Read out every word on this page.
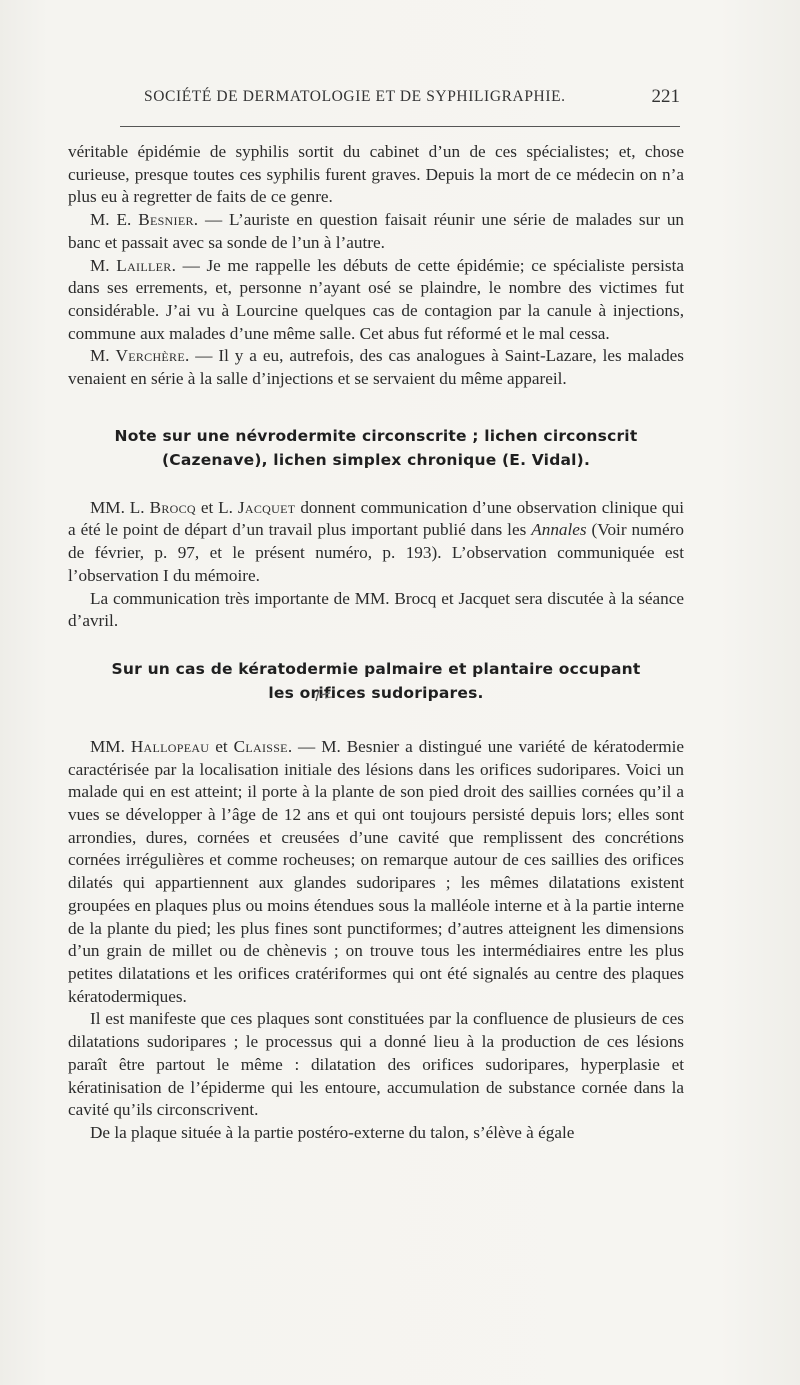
SOCIÉTÉ DE DERMATOLOGIE ET DE SYPHILIGRAPHIE.	221

véritable épidémie de syphilis sortit du cabinet d’un de ces spécialistes; et, chose curieuse, presque toutes ces syphilis furent graves. Depuis la mort de ce médecin on n’a plus eu à regretter de faits de ce genre.

M. E. Besnier. — L’auriste en question faisait réunir une série de malades sur un banc et passait avec sa sonde de l’un à l’autre.

M. Lailler. — Je me rappelle les débuts de cette épidémie; ce spécialiste persista dans ses errements, et, personne n’ayant osé se plaindre, le nombre des victimes fut considérable. J’ai vu à Lourcine quelques cas de contagion par la canule à injections, commune aux malades d’une même salle. Cet abus fut réformé et le mal cessa.

M. Verchère. — Il y a eu, autrefois, des cas analogues à Saint-Lazare, les malades venaient en série à la salle d’injections et se servaient du même appareil.

Note sur une névrodermite circonscrite ; lichen circonscrit
(Cazenave), lichen simplex chronique (E. Vidal).

MM. L. Brocq et L. Jacquet donnent communication d’une observation clinique qui a été le point de départ d’un travail plus important publié dans les Annales (Voir numéro de février, p. 97, et le présent numéro, p. 193). L’observation communiquée est l’observation I du mémoire.

La communication très importante de MM. Brocq et Jacquet sera discutée à la séance d’avril.

Sur un cas de kératodermie palmaire et plantaire occupant
les orifices sudoripares.

MM. Hallopeau et Claisse. — M. Besnier a distingué une variété de kératodermie caractérisée par la localisation initiale des lésions dans les orifices sudoripares. Voici un malade qui en est atteint; il porte à la plante de son pied droit des saillies cornées qu’il a vues se développer à l’âge de 12 ans et qui ont toujours persisté depuis lors; elles sont arrondies, dures, cornées et creusées d’une cavité que remplissent des concrétions cornées irrégulières et comme rocheuses; on remarque autour de ces saillies des orifices dilatés qui appartiennent aux glandes sudoripares ; les mêmes dilatations existent groupées en plaques plus ou moins étendues sous la malléole interne et à la partie interne de la plante du pied; les plus fines sont punctiformes; d’autres atteignent les dimensions d’un grain de millet ou de chènevis ; on trouve tous les intermédiaires entre les plus petites dilatations et les orifices cratériformes qui ont été signalés au centre des plaques kératodermiques.

Il est manifeste que ces plaques sont constituées par la confluence de plusieurs de ces dilatations sudoripares ; le processus qui a donné lieu à la production de ces lésions paraît être partout le même : dilatation des orifices sudoripares, hyperplasie et kératinisation de l’épiderme qui les entoure, accumulation de substance cornée dans la cavité qu’ils circonscrivent.

De la plaque située à la partie postéro-externe du talon, s’élève à égale
